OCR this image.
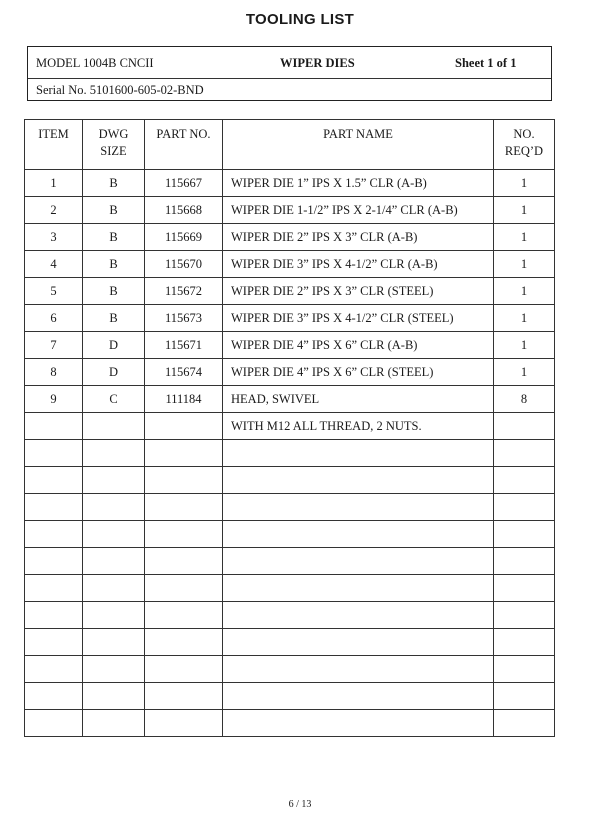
TOOLING LIST
MODEL 1004B CNCII	WIPER DIES	Sheet 1 of 1
Serial No. 5101600-605-02-BND
ITEM	DWG SIZE	PART NO.	PART NAME	NO. REQ’D

1	B	115667	WIPER DIE 1” IPS X 1.5” CLR (A-B)	1
2	B	115668	WIPER DIE 1-1/2” IPS X 2-1/4” CLR (A-B)	1
3	B	115669	WIPER DIE 2” IPS X 3” CLR (A-B)	1
4	B	115670	WIPER DIE 3” IPS X 4-1/2” CLR (A-B)	1
5	B	115672	WIPER DIE 2” IPS X 3” CLR (STEEL)	1
6	B	115673	WIPER DIE 3” IPS X 4-1/2” CLR (STEEL)	1
7	D	115671	WIPER DIE 4” IPS X 6” CLR (A-B)	1
8	D	115674	WIPER DIE 4” IPS X 6” CLR (STEEL)	1
9	C	111184	HEAD, SWIVEL	8
			WITH M12 ALL THREAD, 2 NUTS.	

6 / 13
